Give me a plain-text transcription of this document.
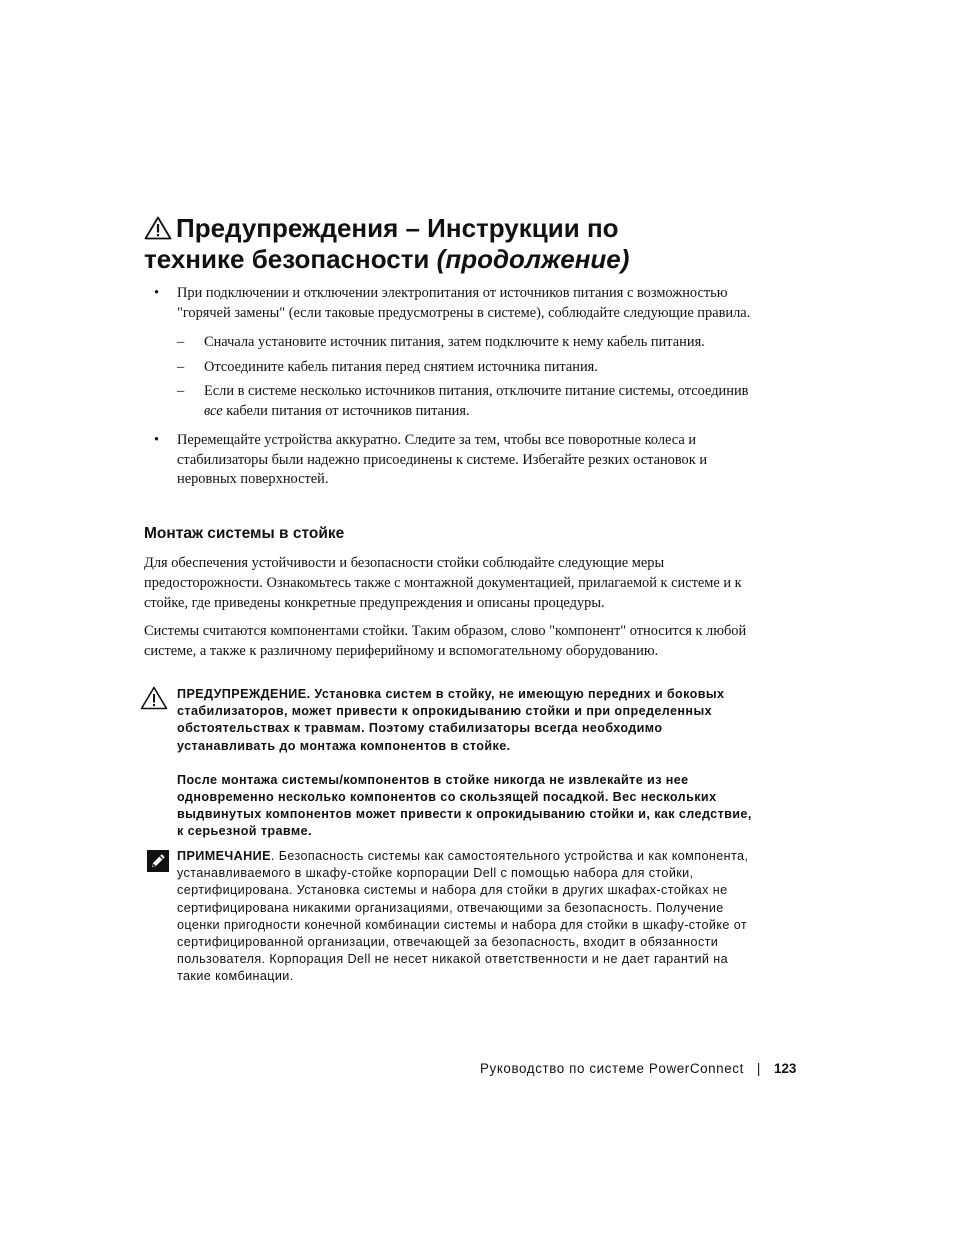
Предупреждения – Инструкции по
технике безопасности (продолжение)
• При подключении и отключении электропитания от источников питания с возможностью "горячей замены" (если таковые предусмотрены в системе), соблюдайте следующие правила.
– Сначала установите источник питания, затем подключите к нему кабель питания.
– Отсоедините кабель питания перед снятием источника питания.
– Если в системе несколько источников питания, отключите питание системы, отсоединив все кабели питания от источников питания.
• Перемещайте устройства аккуратно. Следите за тем, чтобы все поворотные колеса и стабилизаторы были надежно присоединены к системе. Избегайте резких остановок и неровных поверхностей.
Монтаж системы в стойке

Для обеспечения устойчивости и безопасности стойки соблюдайте следующие меры предосторожности. Ознакомьтесь также с монтажной документацией, прилагаемой к системе и к стойке, где приведены конкретные предупреждения и описаны процедуры.

Системы считаются компонентами стойки. Таким образом, слово "компонент" относится к любой системе, а также к различному периферийному и вспомогательному оборудованию.

ПРЕДУПРЕЖДЕНИЕ. Установка систем в стойку, не имеющую передних и боковых стабилизаторов, может привести к опрокидыванию стойки и при определенных обстоятельствах к травмам. Поэтому стабилизаторы всегда необходимо устанавливать до монтажа компонентов в стойке.

После монтажа системы/компонентов в стойке никогда не извлекайте из нее одновременно несколько компонентов со скользящей посадкой. Вес нескольких выдвинутых компонентов может привести к опрокидыванию стойки и, как следствие, к серьезной травме.

ПРИМЕЧАНИЕ. Безопасность системы как самостоятельного устройства и как компонента, устанавливаемого в шкафу-стойке корпорации Dell с помощью набора для стойки, сертифицирована. Установка системы и набора для стойки в других шкафах-стойках не сертифицирована никакими организациями, отвечающими за безопасность. Получение оценки пригодности конечной комбинации системы и набора для стойки в шкафу-стойке от сертифицированной организации, отвечающей за безопасность, входит в обязанности пользователя. Корпорация Dell не несет никакой ответственности и не дает гарантий на такие комбинации.

Руководство по системе PowerConnect | 123
